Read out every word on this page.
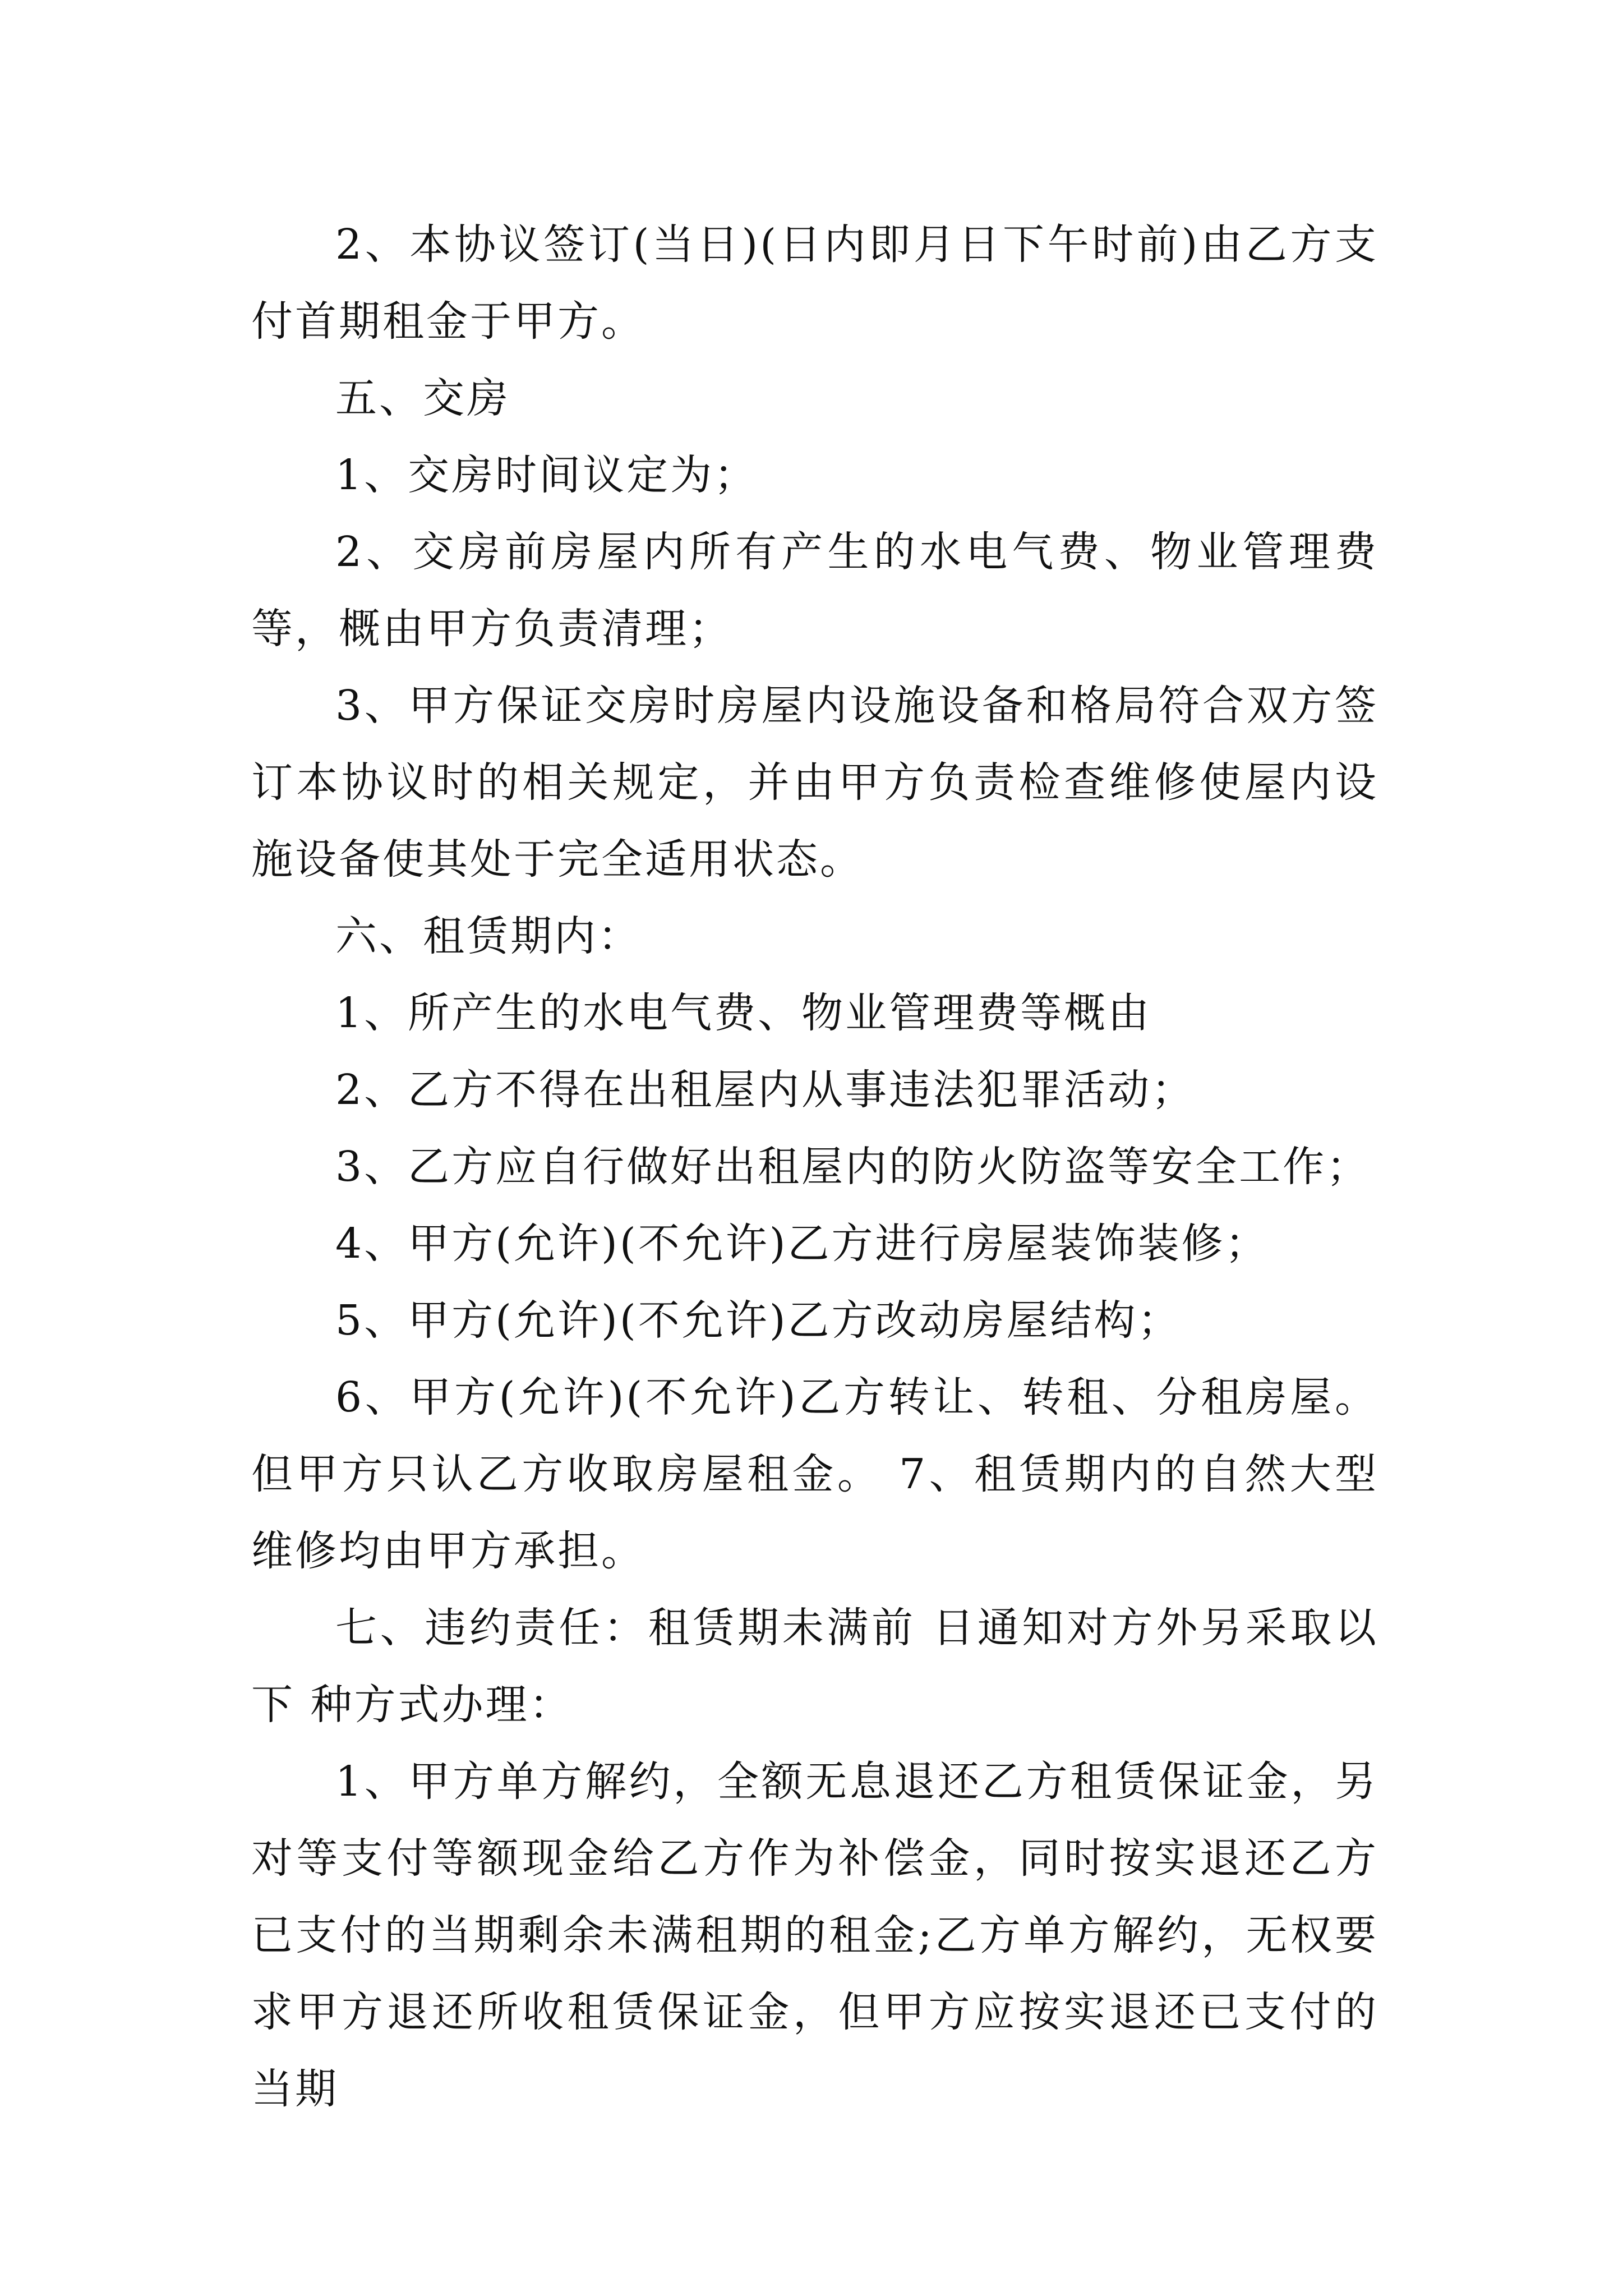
2、本协议签订(当日)(日内即月日下午时前)由乙方支付首期租金于甲方。

五、交房

1、交房时间议定为；

2、交房前房屋内所有产生的水电气费、物业管理费等，概由甲方负责清理；

3、甲方保证交房时房屋内设施设备和格局符合双方签订本协议时的相关规定，并由甲方负责检查维修使屋内设施设备使其处于完全适用状态。

六、租赁期内：

1、所产生的水电气费、物业管理费等概由

2、乙方不得在出租屋内从事违法犯罪活动；

3、乙方应自行做好出租屋内的防火防盗等安全工作；

4、甲方(允许)(不允许)乙方进行房屋装饰装修；

5、甲方(允许)(不允许)乙方改动房屋结构；

6、甲方(允许)(不允许)乙方转让、转租、分租房屋。但甲方只认乙方收取房屋租金。 7、租赁期内的自然大型维修均由甲方承担。

七、违约责任：租赁期未满前 日通知对方外另采取以下 种方式办理：

1、甲方单方解约，全额无息退还乙方租赁保证金，另对等支付等额现金给乙方作为补偿金，同时按实退还乙方已支付的当期剩余未满租期的租金;乙方单方解约，无权要求甲方退还所收租赁保证金，但甲方应按实退还已支付的当期
